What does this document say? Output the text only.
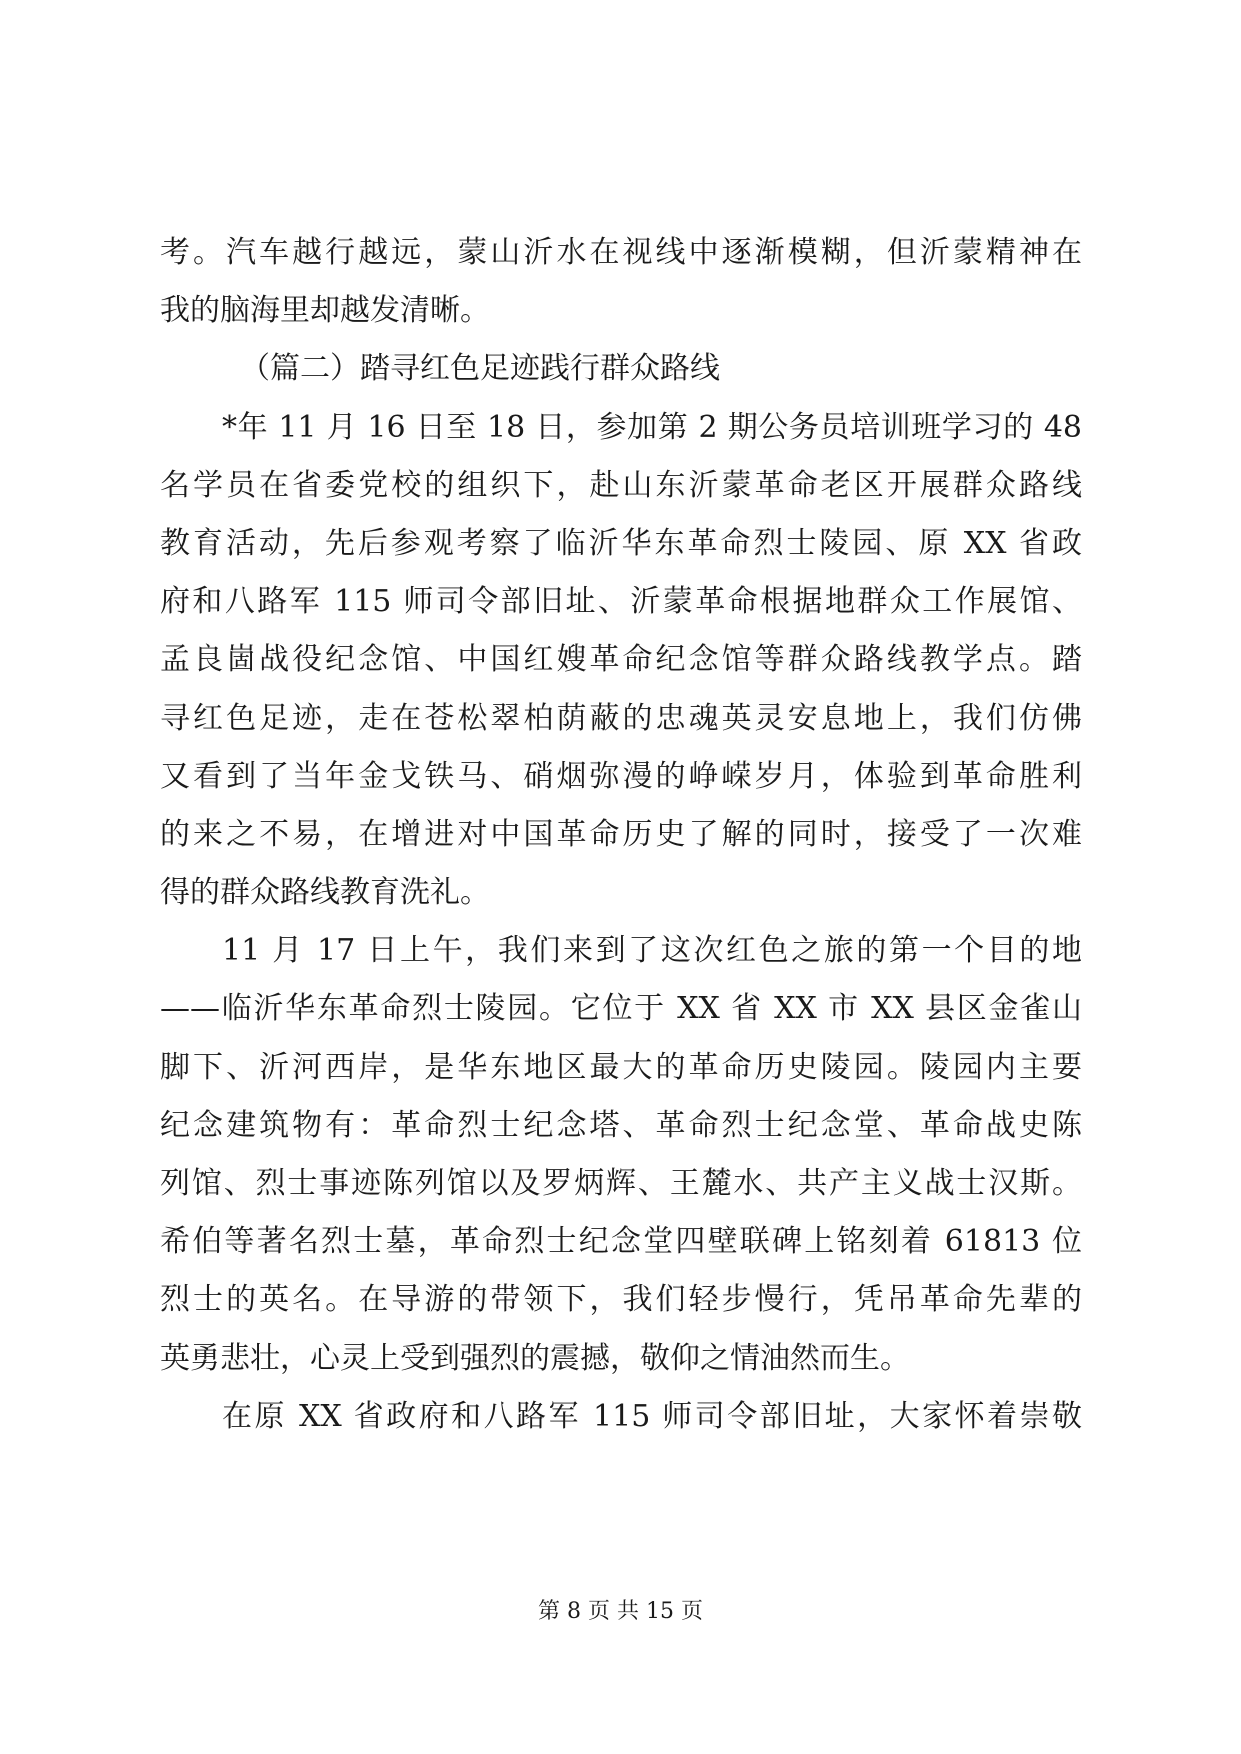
考。汽车越行越远，蒙山沂水在视线中逐渐模糊，但沂蒙精神在
我的脑海里却越发清晰。
（篇二）踏寻红色足迹践行群众路线
*年 11 月 16 日至 18 日，参加第 2 期公务员培训班学习的 48
名学员在省委党校的组织下，赴山东沂蒙革命老区开展群众路线
教育活动，先后参观考察了临沂华东革命烈士陵园、原 XX 省政
府和八路军 115 师司令部旧址、沂蒙革命根据地群众工作展馆、
孟良崮战役纪念馆、中国红嫂革命纪念馆等群众路线教学点。踏
寻红色足迹，走在苍松翠柏荫蔽的忠魂英灵安息地上，我们仿佛
又看到了当年金戈铁马、硝烟弥漫的峥嵘岁月，体验到革命胜利
的来之不易，在增进对中国革命历史了解的同时，接受了一次难
得的群众路线教育洗礼。
11 月 17 日上午，我们来到了这次红色之旅的第一个目的地
——临沂华东革命烈士陵园。它位于 XX 省 XX 市 XX 县区金雀山
脚下、沂河西岸，是华东地区最大的革命历史陵园。陵园内主要
纪念建筑物有：革命烈士纪念塔、革命烈士纪念堂、革命战史陈
列馆、烈士事迹陈列馆以及罗炳辉、王麓水、共产主义战士汉斯。
希伯等著名烈士墓，革命烈士纪念堂四壁联碑上铭刻着 61813 位
烈士的英名。在导游的带领下，我们轻步慢行，凭吊革命先辈的
英勇悲壮，心灵上受到强烈的震撼，敬仰之情油然而生。
在原 XX 省政府和八路军 115 师司令部旧址，大家怀着崇敬
第 8 页 共 15 页
